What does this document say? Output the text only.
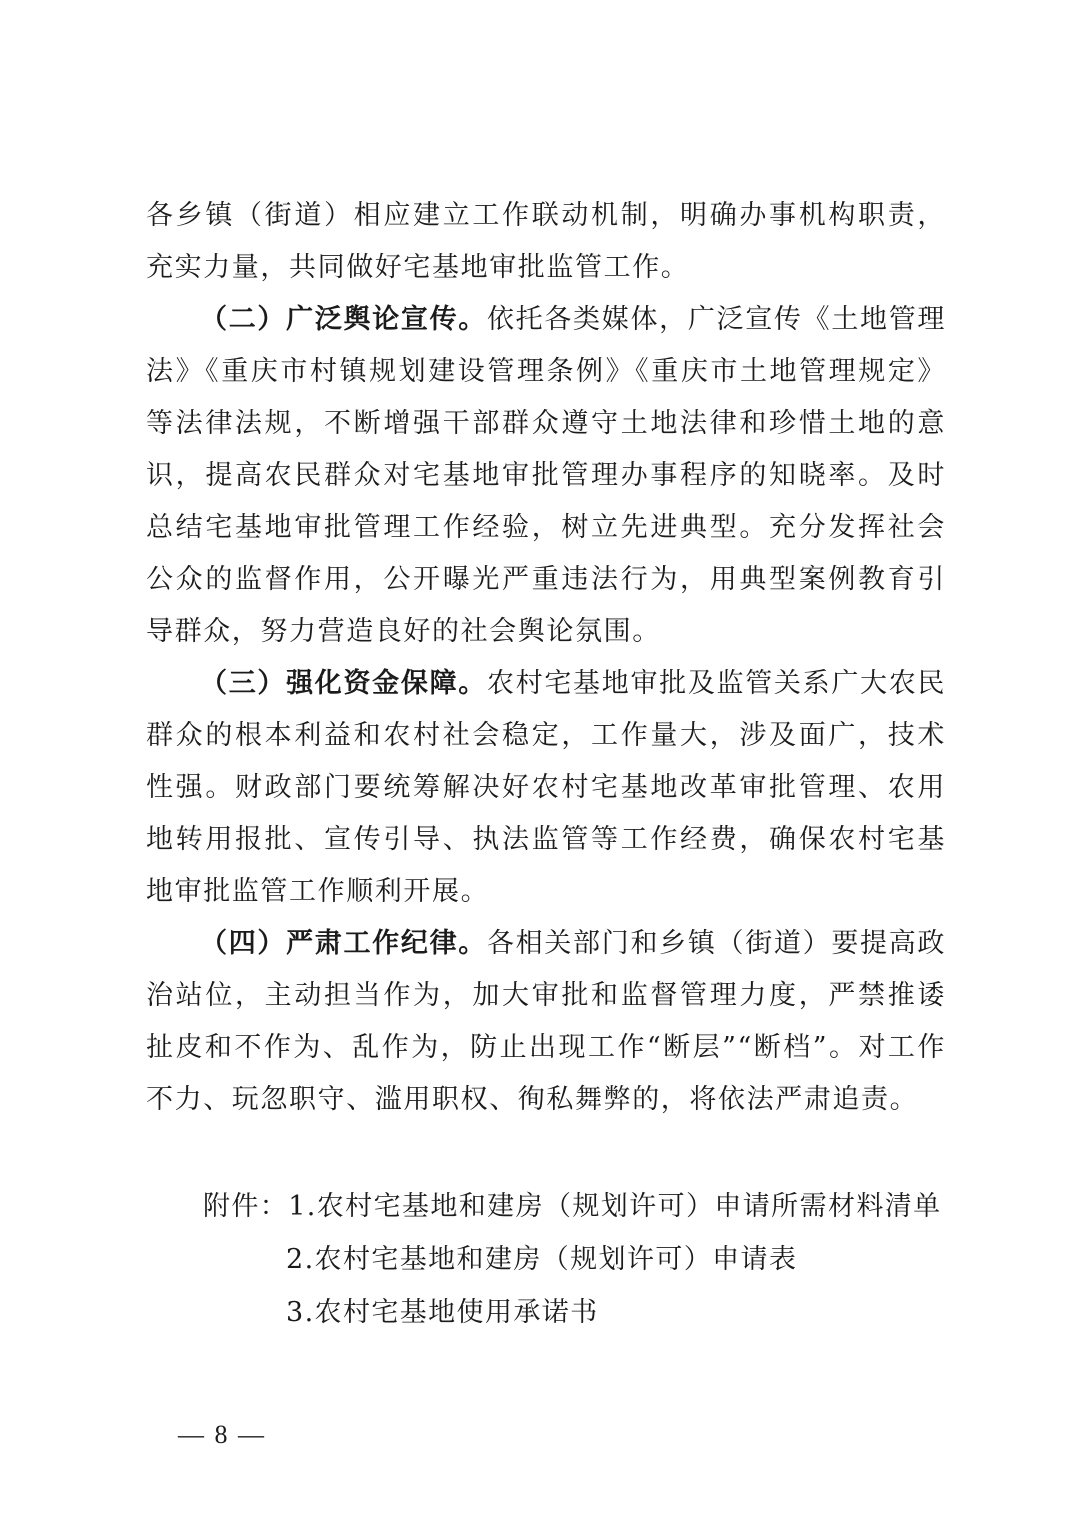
各乡镇（街道）相应建立工作联动机制，明确办事机构职责，充实力量，共同做好宅基地审批监管工作。

（二）广泛舆论宣传。依托各类媒体，广泛宣传《土地管理法》《重庆市村镇规划建设管理条例》《重庆市土地管理规定》等法律法规，不断增强干部群众遵守土地法律和珍惜土地的意识，提高农民群众对宅基地审批管理办事程序的知晓率。及时总结宅基地审批管理工作经验，树立先进典型。充分发挥社会公众的监督作用，公开曝光严重违法行为，用典型案例教育引导群众，努力营造良好的社会舆论氛围。

（三）强化资金保障。农村宅基地审批及监管关系广大农民群众的根本利益和农村社会稳定，工作量大，涉及面广，技术性强。财政部门要统筹解决好农村宅基地改革审批管理、农用地转用报批、宣传引导、执法监管等工作经费，确保农村宅基地审批监管工作顺利开展。

（四）严肃工作纪律。各相关部门和乡镇（街道）要提高政治站位，主动担当作为，加大审批和监督管理力度，严禁推诿扯皮和不作为、乱作为，防止出现工作“断层”“断档”。对工作不力、玩忽职守、滥用职权、徇私舞弊的，将依法严肃追责。

附件：1.农村宅基地和建房（规划许可）申请所需材料清单
2.农村宅基地和建房（规划许可）申请表
3.农村宅基地使用承诺书
— 8 —
